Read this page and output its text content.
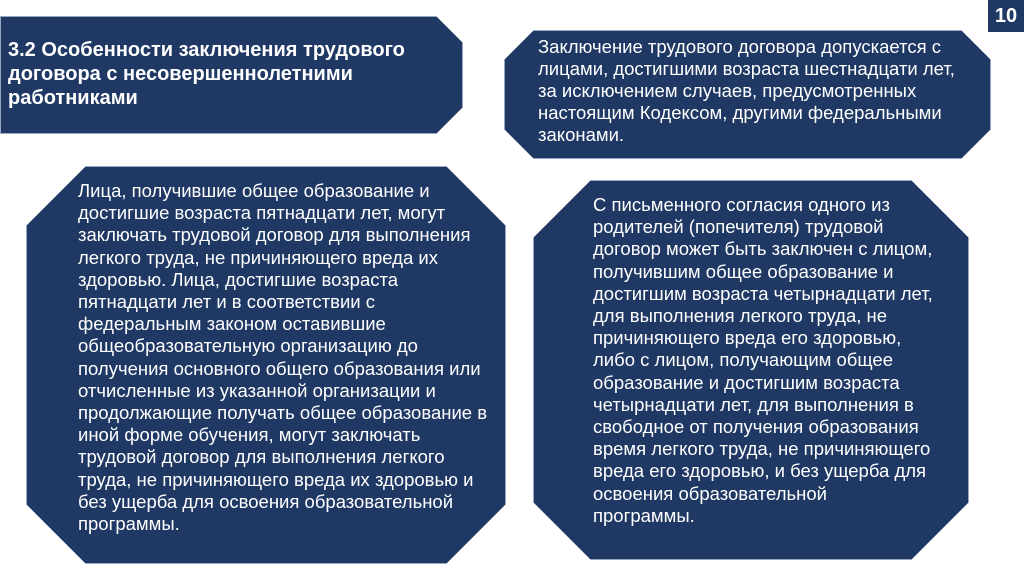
10
3.2 Особенности заключения трудового договора с несовершеннолетними работниками

Заключение трудового договора допускается с лицами, достигшими возраста шестнадцати лет, за исключением случаев, предусмотренных настоящим Кодексом, другими федеральными законами.

Лица, получившие общее образование и достигшие возраста пятнадцати лет, могут заключать трудовой договор для выполнения легкого труда, не причиняющего вреда их здоровью. Лица, достигшие возраста пятнадцати лет и в соответствии с федеральным законом оставившие общеобразовательную организацию до получения основного общего образования или отчисленные из указанной организации и продолжающие получать общее образование в иной форме обучения, могут заключать трудовой договор для выполнения легкого труда, не причиняющего вреда их здоровью и без ущерба для освоения образовательной программы.

С письменного согласия одного из родителей (попечителя) трудовой договор может быть заключен с лицом, получившим общее образование и достигшим возраста четырнадцати лет, для выполнения легкого труда, не причиняющего вреда его здоровью, либо с лицом, получающим общее образование и достигшим возраста четырнадцати лет, для выполнения в свободное от получения образования время легкого труда, не причиняющего вреда его здоровью, и без ущерба для освоения образовательной программы.
